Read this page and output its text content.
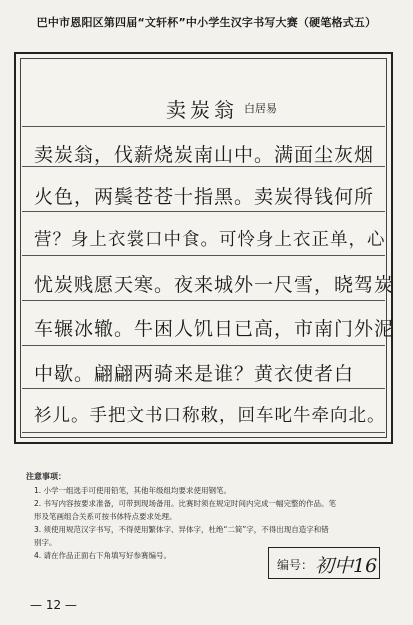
巴中市恩阳区第四届“文轩杯”中小学生汉字书写大赛（硬笔格式五）
卖炭翁 白居易
卖炭翁，伐薪烧炭南山中。满面尘灰烟
火色，两鬓苍苍十指黑。卖炭得钱何所
营？身上衣裳口中食。可怜身上衣正单，心
忧炭贱愿天寒。夜来城外一尺雪，晓驾炭
车辗冰辙。牛困人饥日已高，市南门外泥
中歇。翩翩两骑来是谁？黄衣使者白
衫儿。手把文书口称敕，回车叱牛牵向北。
注意事项：
1. 小学一组选手可使用铅笔，其他年级组均要求使用钢笔。
2. 书写内容按要求准备，可带到现场备用。比赛时须在规定时间内完成一幅完整的作品。笔
形及笔画组合关系可按书体特点要求处理。
3. 须使用规范汉字书写，不得使用繁体字、异体字，杜绝“二简”字，不得出现自造字和错
别字。
4. 请在作品正面右下角填写好参赛编号。
编号： 初中16
— 12 —
